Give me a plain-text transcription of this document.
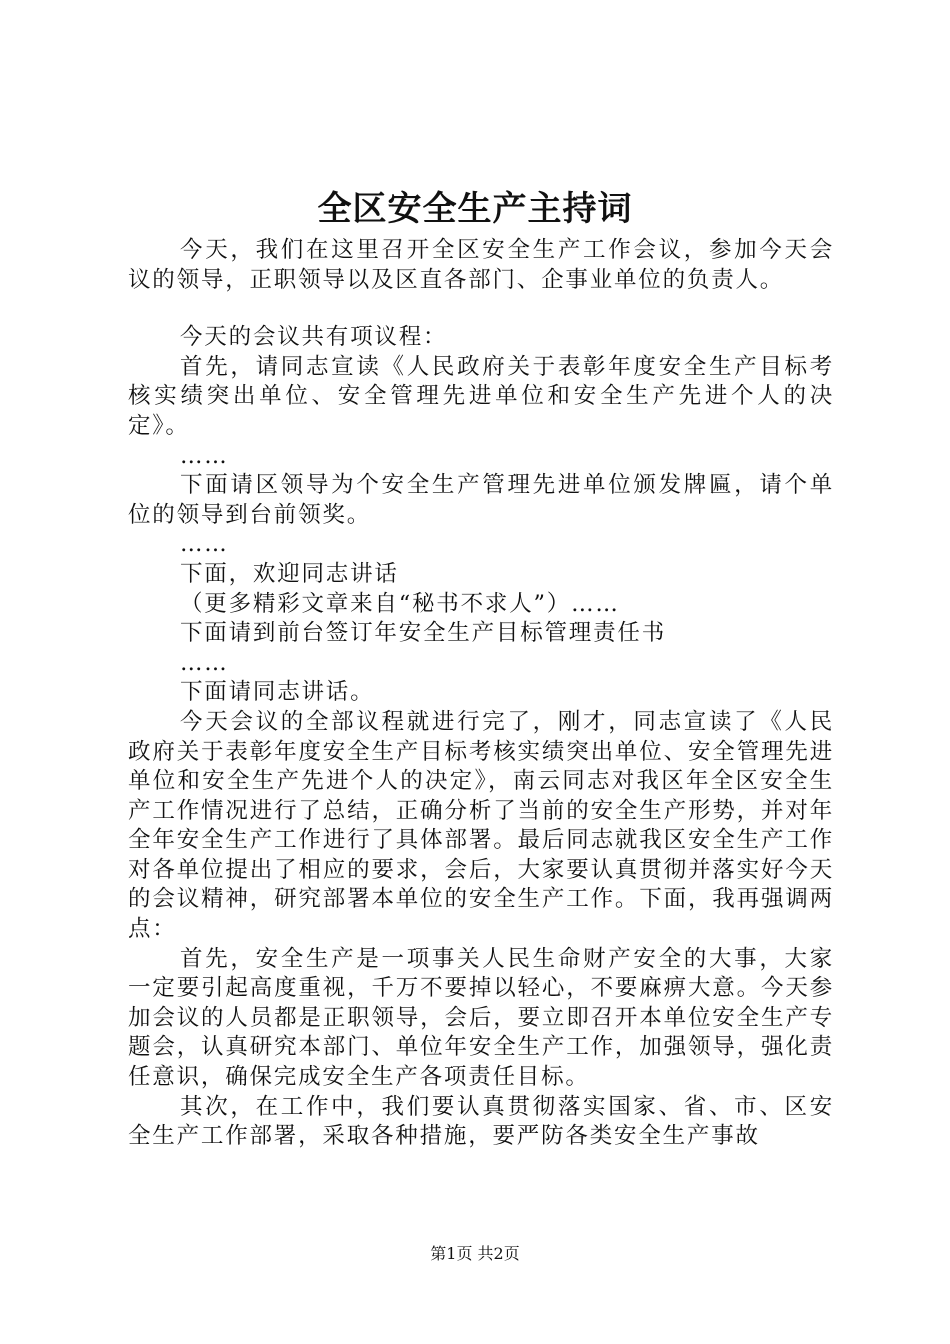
全区安全生产主持词

今天，我们在这里召开全区安全生产工作会议，参加今天会议的领导，正职领导以及区直各部门、企事业单位的负责人。

今天的会议共有项议程：

首先，请同志宣读《人民政府关于表彰年度安全生产目标考核实绩突出单位、安全管理先进单位和安全生产先进个人的决定》。

……

下面请区领导为个安全生产管理先进单位颁发牌匾，请个单位的领导到台前领奖。

……

下面，欢迎同志讲话

（更多精彩文章来自“秘书不求人”）……

下面请到前台签订年安全生产目标管理责任书

……

下面请同志讲话。

今天会议的全部议程就进行完了，刚才，同志宣读了《人民政府关于表彰年度安全生产目标考核实绩突出单位、安全管理先进单位和安全生产先进个人的决定》，南云同志对我区年全区安全生产工作情况进行了总结，正确分析了当前的安全生产形势，并对年全年安全生产工作进行了具体部署。最后同志就我区安全生产工作对各单位提出了相应的要求，会后，大家要认真贯彻并落实好今天的会议精神，研究部署本单位的安全生产工作。下面，我再强调两点：

首先，安全生产是一项事关人民生命财产安全的大事，大家一定要引起高度重视，千万不要掉以轻心，不要麻痹大意。今天参加会议的人员都是正职领导，会后，要立即召开本单位安全生产专题会，认真研究本部门、单位年安全生产工作，加强领导，强化责任意识，确保完成安全生产各项责任目标。

其次，在工作中，我们要认真贯彻落实国家、省、市、区安全生产工作部署，采取各种措施，要严防各类安全生产事故

第1页 共2页
